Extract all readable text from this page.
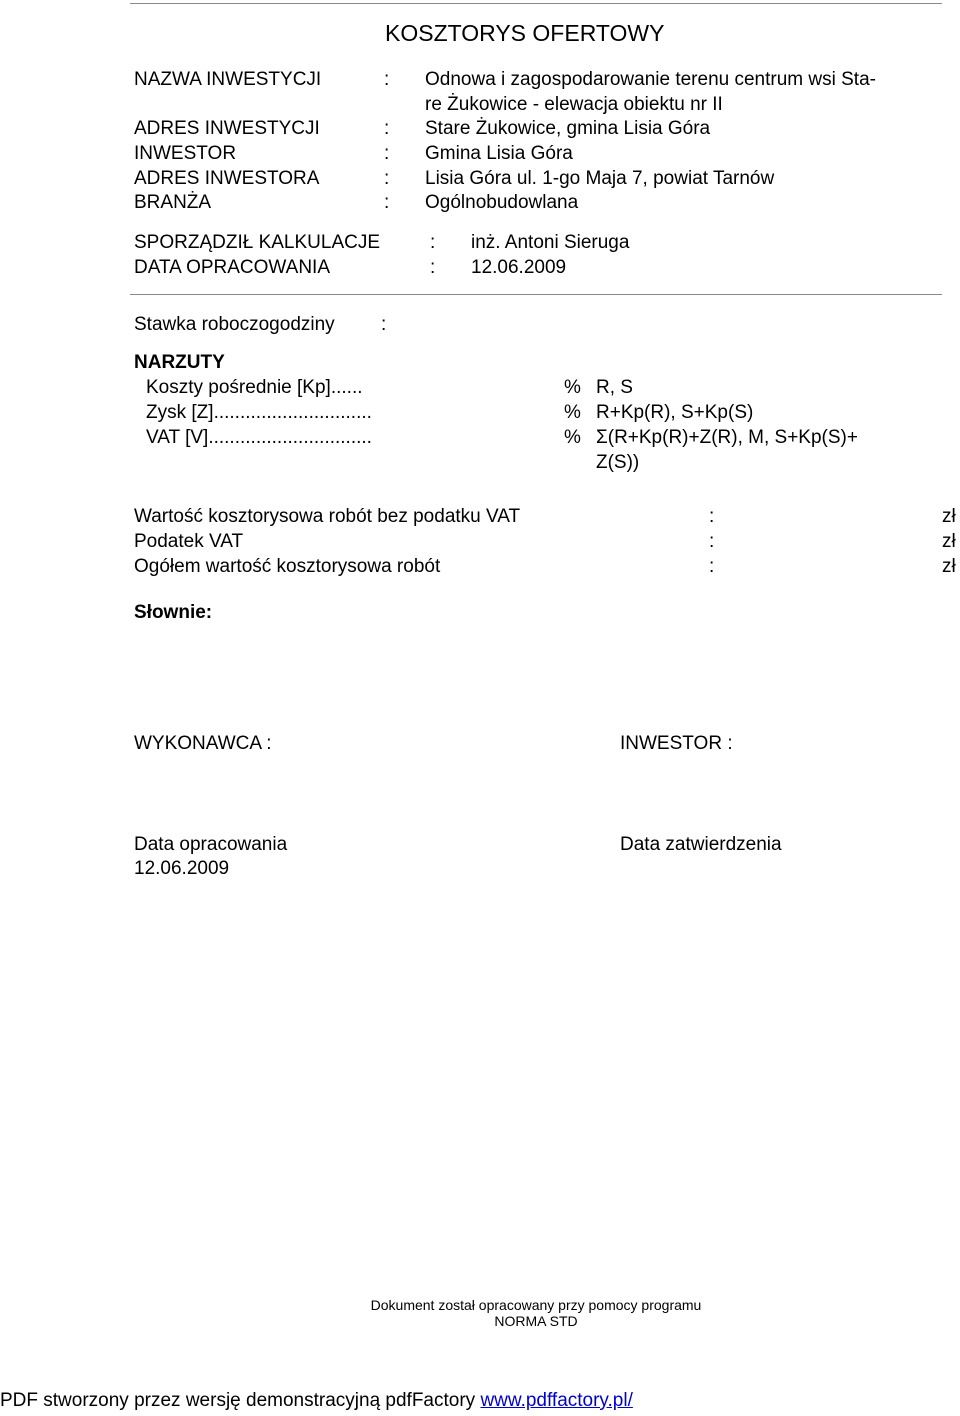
KOSZTORYS OFERTOWY
NAZWA INWESTYCJI	: Odnowa i zagospodarowanie terenu centrum wsi Sta-
re Żukowice - elewacja obiektu nr II
ADRES INWESTYCJI	: Stare Żukowice, gmina Lisia Góra
INWESTOR	: Gmina Lisia Góra
ADRES INWESTORA	: Lisia Góra ul. 1-go Maja 7, powiat Tarnów
BRANŻA	: Ogólnobudowlana
SPORZĄDZIŁ KALKULACJE	: inż. Antoni Sieruga
DATA OPRACOWANIA	: 12.06.2009
Stawka roboczogodziny :
NARZUTY
Koszty pośrednie [Kp]......	% R, S
Zysk [Z]..............................	% R+Kp(R), S+Kp(S)
VAT [V]...............................	% Σ(R+Kp(R)+Z(R), M, S+Kp(S)+
Z(S))
Wartość kosztorysowa robót bez podatku VAT	:	zł
Podatek VAT	:	zł
Ogółem wartość kosztorysowa robót	:	zł
Słownie:
WYKONAWCA :	INWESTOR :
Data opracowania
12.06.2009
Data zatwierdzenia
Dokument został opracowany przy pomocy programu
NORMA STD
PDF stworzony przez wersję demonstracyjną pdfFactory www.pdffactory.pl/
